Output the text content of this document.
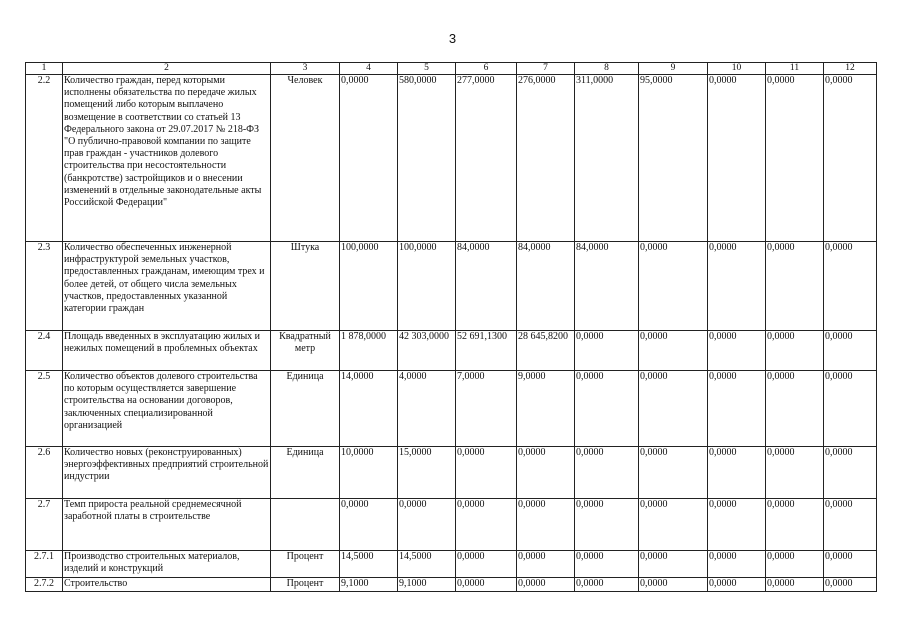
3
1	2	3	4	5	6	7	8	9	10	11	12
2.2	Количество граждан, перед которыми исполнены обязательства по передаче жилых помещений либо которым выплачено возмещение в соответствии со статьей 13 Федерального закона от 29.07.2017 № 218-ФЗ "О публично-правовой компании по защите прав граждан - участников долевого строительства при несостоятельности (банкротстве) застройщиков и о внесении изменений в отдельные законодательные акты Российской Федерации"	Человек	0,0000	580,0000	277,0000	276,0000	311,0000	95,0000	0,0000	0,0000	0,0000
2.3	Количество обеспеченных инженерной инфраструктурой земельных участков, предоставленных гражданам, имеющим трех и более детей, от общего числа земельных участков, предоставленных указанной категории граждан	Штука	100,0000	100,0000	84,0000	84,0000	84,0000	0,0000	0,0000	0,0000	0,0000
2.4	Площадь введенных в эксплуатацию жилых и нежилых помещений в проблемных объектах	Квадратный метр	1 878,0000	42 303,0000	52 691,1300	28 645,8200	0,0000	0,0000	0,0000	0,0000	0,0000
2.5	Количество объектов долевого строительства по которым осуществляется завершение строительства на основании договоров, заключенных специализированной организацией	Единица	14,0000	4,0000	7,0000	9,0000	0,0000	0,0000	0,0000	0,0000	0,0000
2.6	Количество новых (реконструированных) энергоэффективных предприятий строительной индустрии	Единица	10,0000	15,0000	0,0000	0,0000	0,0000	0,0000	0,0000	0,0000	0,0000
2.7	Темп прироста реальной среднемесячной заработной платы в строительстве		0,0000	0,0000	0,0000	0,0000	0,0000	0,0000	0,0000	0,0000	0,0000
2.7.1	Производство строительных материалов, изделий и конструкций	Процент	14,5000	14,5000	0,0000	0,0000	0,0000	0,0000	0,0000	0,0000	0,0000
2.7.2	Строительство	Процент	9,1000	9,1000	0,0000	0,0000	0,0000	0,0000	0,0000	0,0000	0,0000
